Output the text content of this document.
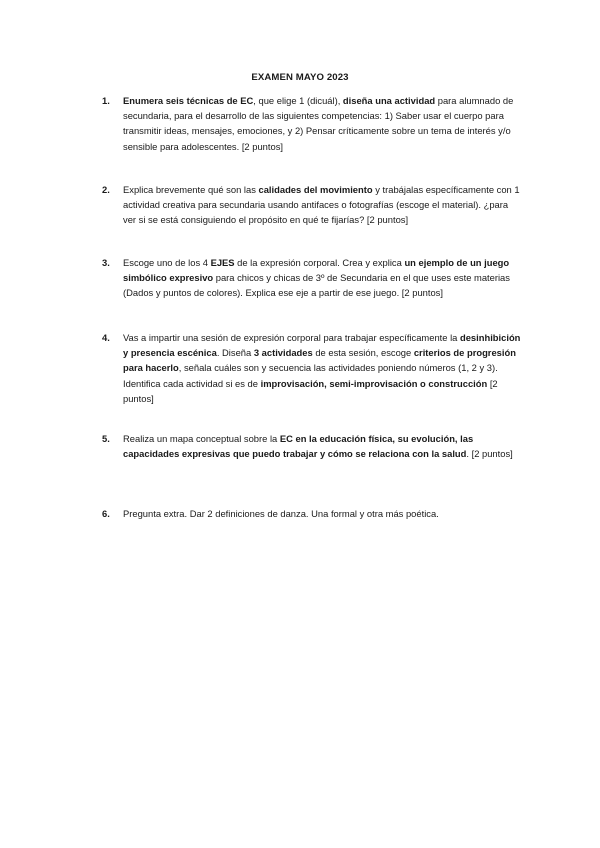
EXAMEN MAYO 2023
1. Enumera seis técnicas de EC, que elige 1 (dicuál), diseña una actividad para alumnado de secundaria, para el desarrollo de las siguientes competencias: 1) Saber usar el cuerpo para transmitir ideas, mensajes, emociones, y 2) Pensar críticamente sobre un tema de interés y/o sensible para adolescentes. [2 puntos]
2. Explica brevemente qué son las calidades del movimiento y trabájalas específicamente con 1 actividad creativa para secundaria usando antifaces o fotografías (escoge el material). ¿para ver si se está consiguiendo el propósito en qué te fijarías? [2 puntos]
3. Escoge uno de los 4 EJES de la expresión corporal. Crea y explica un ejemplo de un juego simbólico expresivo para chicos y chicas de 3º de Secundaria en el que uses este materias (Dados y puntos de colores). Explica ese eje a partir de ese juego. [2 puntos]
4. Vas a impartir una sesión de expresión corporal para trabajar específicamente la desinhibición y presencia escénica. Diseña 3 actividades de esta sesión, escoge criterios de progresión para hacerlo, señala cuáles son y secuencia las actividades poniendo números (1, 2 y 3). Identifica cada actividad si es de improvisación, semi-improvisación o construcción [2 puntos]
5. Realiza un mapa conceptual sobre la EC en la educación física, su evolución, las capacidades expresivas que puedo trabajar y cómo se relaciona con la salud. [2 puntos]
6. Pregunta extra. Dar 2 definiciones de danza. Una formal y otra más poética.
